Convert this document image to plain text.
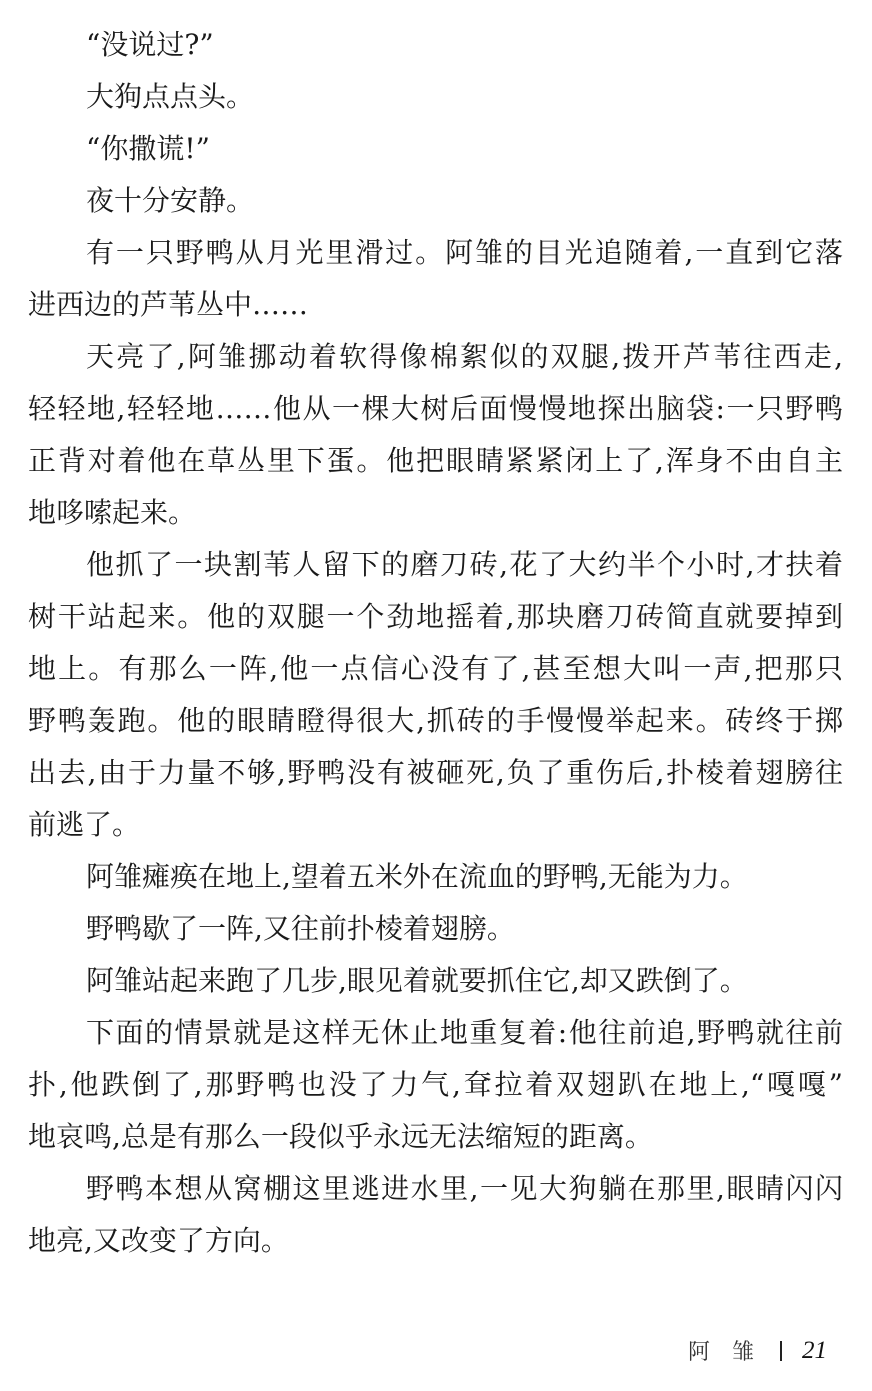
“没说过?”
大狗点点头。
“你撒谎!”
夜十分安静。
有一只野鸭从月光里滑过。阿雏的目光追随着,一直到它落
进西边的芦苇丛中……
天亮了,阿雏挪动着软得像棉絮似的双腿,拨开芦苇往西走,
轻轻地,轻轻地……他从一棵大树后面慢慢地探出脑袋:一只野鸭
正背对着他在草丛里下蛋。他把眼睛紧紧闭上了,浑身不由自主
地哆嗦起来。
他抓了一块割苇人留下的磨刀砖,花了大约半个小时,才扶着
树干站起来。他的双腿一个劲地摇着,那块磨刀砖简直就要掉到
地上。有那么一阵,他一点信心没有了,甚至想大叫一声,把那只
野鸭轰跑。他的眼睛瞪得很大,抓砖的手慢慢举起来。砖终于掷
出去,由于力量不够,野鸭没有被砸死,负了重伤后,扑棱着翅膀往
前逃了。
阿雏瘫痪在地上,望着五米外在流血的野鸭,无能为力。
野鸭歇了一阵,又往前扑棱着翅膀。
阿雏站起来跑了几步,眼见着就要抓住它,却又跌倒了。
下面的情景就是这样无休止地重复着:他往前追,野鸭就往前
扑,他跌倒了,那野鸭也没了力气,耷拉着双翅趴在地上,“嘎嘎”
地哀鸣,总是有那么一段似乎永远无法缩短的距离。
野鸭本想从窝棚这里逃进水里,一见大狗躺在那里,眼睛闪闪
地亮,又改变了方向。
阿雏 21
